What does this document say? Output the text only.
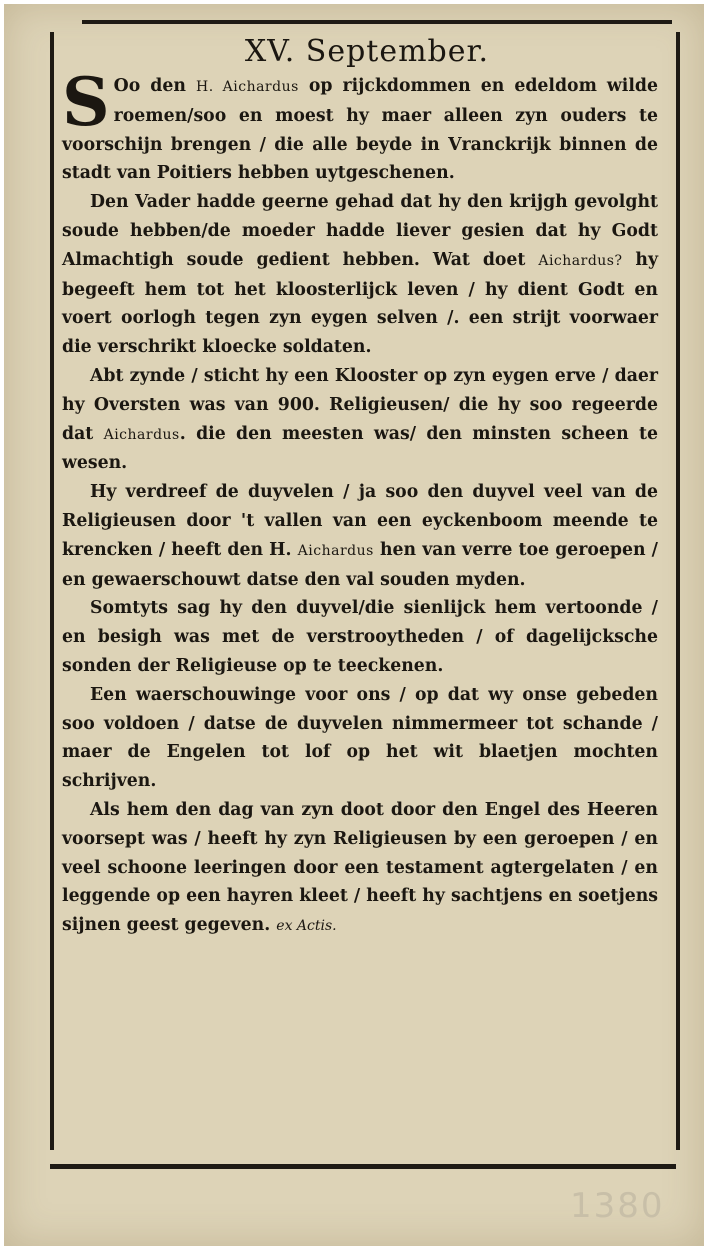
XV. September.

S Oo den H. Aichardus op rijckdommen en edeldom wilde roemen/soo en moest hy maer alleen zyn ouders te voorschijn brengen / die alle beyde in Vranckrijk binnen de stadt van Poitiers hebben uytgeschenen.

Den Vader hadde geerne gehad dat hy den krijgh gevolght soude hebben/de moeder hadde liever gesien dat hy Godt Almachtigh soude gedient hebben. Wat doet Aichardus? hy begeeft hem tot het kloosterlijck leven / hy dient Godt en voert oorlogh tegen zyn eygen selven /. een strijt voorwaer die verschrikt kloecke soldaten.

Abt zynde / sticht hy een Klooster op zyn eygen erve / daer hy Oversten was van 900. Religieusen/ die hy soo regeerde dat Aichardus. die den meesten was/ den minsten scheen te wesen.

Hy verdreef de duyvelen / ja soo den duyvel veel van de Religieusen door 't vallen van een eyckenboom meende te krencken / heeft den H. Aichardus hen van verre toe geroepen / en gewaerschouwt datse den val souden myden.

Somtyts sag hy den duyvel/die sienlijck hem vertoonde / en besigh was met de verstrooytheden / of dagelijcksche sonden der Religieuse op te teeckenen.

Een waerschouwinge voor ons / op dat wy onse gebeden soo voldoen / datse de duyvelen nimmermeer tot schande / maer de Engelen tot lof op het wit blaetjen mochten schrijven.

Als hem den dag van zyn doot door den Engel des Heeren voorsept was / heeft hy zyn Religieusen by een geroepen / en veel schoone leeringen door een testament agtergelaten / en leggende op een hayren kleet / heeft hy sachtjens en soetjens sijnen geest gegeven. ex Actis.

1380
